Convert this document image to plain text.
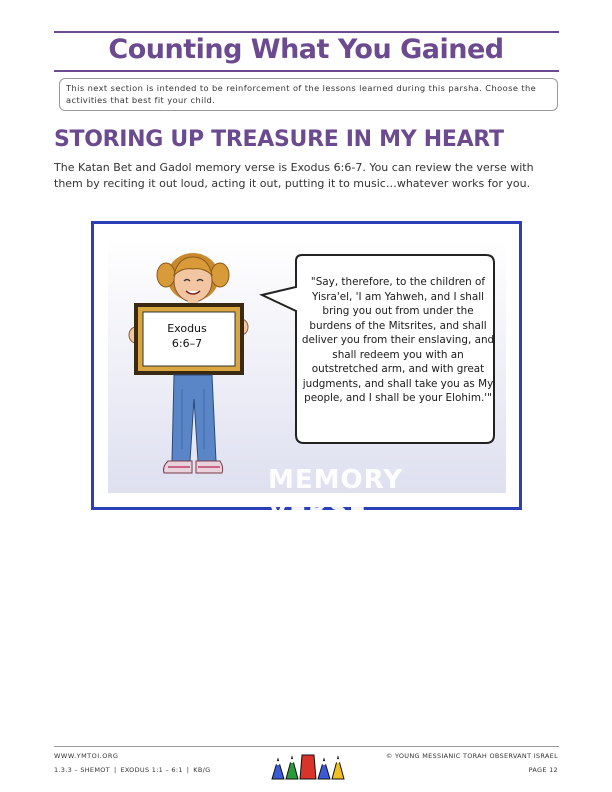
Counting What You Gained
This next section is intended to be reinforcement of the lessons learned during this parsha. Choose the activities that best fit your child.
STORING UP TREASURE IN MY HEART
The Katan Bet and Gadol memory verse is Exodus 6:6-7. You can review the verse with them by reciting it out loud, acting it out, putting it to music…whatever works for you.
Exodus
6:6–7
"Say, therefore, to the children of Yisra'el, 'I am Yahweh, and I shall bring you out from under the burdens of the Mitsrites, and shall deliver you from their enslaving, and shall redeem you with an outstretched arm, and with great judgments, and shall take you as My people, and I shall be your Elohim.'"
MEMORY VERSE
WWW.YMTOI.ORG
1.3.3 – SHEMOT | EXODUS 1:1 – 6:1 | KB/G
© YOUNG MESSIANIC TORAH OBSERVANT ISRAEL
PAGE 12
